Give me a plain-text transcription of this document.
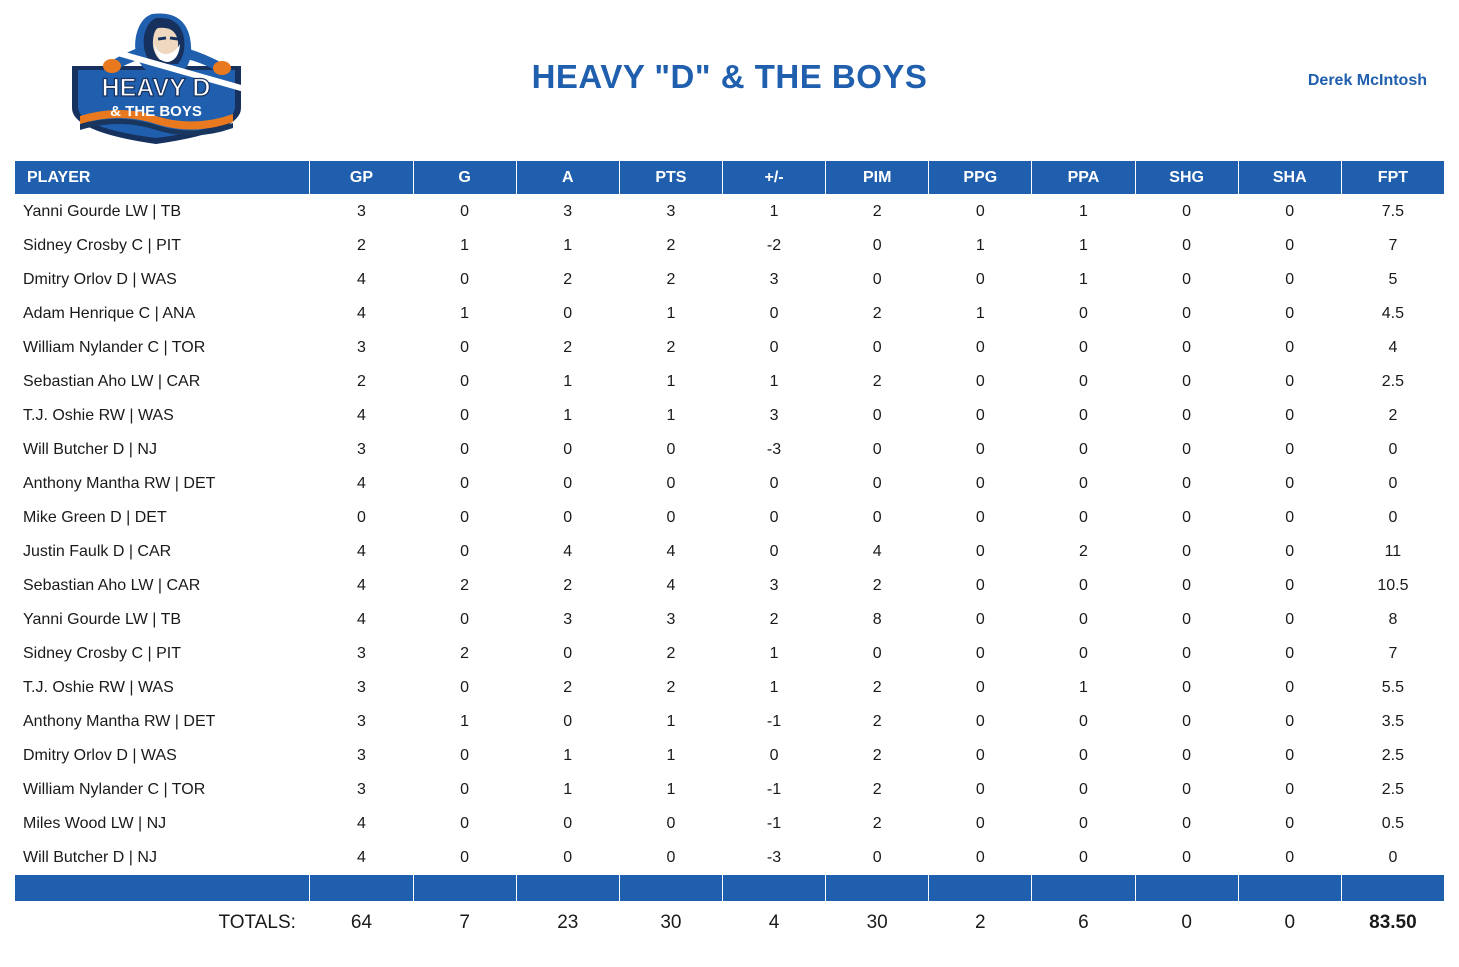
HEAVY D
& THE BOYS
HEAVY "D" & THE BOYS	Derek McIntosh
PLAYER	GP	G	A	PTS	+/-	PIM	PPG	PPA	SHG	SHA	FPT
Yanni Gourde LW | TB	3	0	3	3	1	2	0	1	0	0	7.5
Sidney Crosby C | PIT	2	1	1	2	-2	0	1	1	0	0	7
Dmitry Orlov D | WAS	4	0	2	2	3	0	0	1	0	0	5
Adam Henrique C | ANA	4	1	0	1	0	2	1	0	0	0	4.5
William Nylander C | TOR	3	0	2	2	0	0	0	0	0	0	4
Sebastian Aho LW | CAR	2	0	1	1	1	2	0	0	0	0	2.5
T.J. Oshie RW | WAS	4	0	1	1	3	0	0	0	0	0	2
Will Butcher D | NJ	3	0	0	0	-3	0	0	0	0	0	0
Anthony Mantha RW | DET	4	0	0	0	0	0	0	0	0	0	0
Mike Green D | DET	0	0	0	0	0	0	0	0	0	0	0
Justin Faulk D | CAR	4	0	4	4	0	4	0	2	0	0	11
Sebastian Aho LW | CAR	4	2	2	4	3	2	0	0	0	0	10.5
Yanni Gourde LW | TB	4	0	3	3	2	8	0	0	0	0	8
Sidney Crosby C | PIT	3	2	0	2	1	0	0	0	0	0	7
T.J. Oshie RW | WAS	3	0	2	2	1	2	0	1	0	0	5.5
Anthony Mantha RW | DET	3	1	0	1	-1	2	0	0	0	0	3.5
Dmitry Orlov D | WAS	3	0	1	1	0	2	0	0	0	0	2.5
William Nylander C | TOR	3	0	1	1	-1	2	0	0	0	0	2.5
Miles Wood LW | NJ	4	0	0	0	-1	2	0	0	0	0	0.5
Will Butcher D | NJ	4	0	0	0	-3	0	0	0	0	0	0

TOTALS:	64	7	23	30	4	30	2	6	0	0	83.50
